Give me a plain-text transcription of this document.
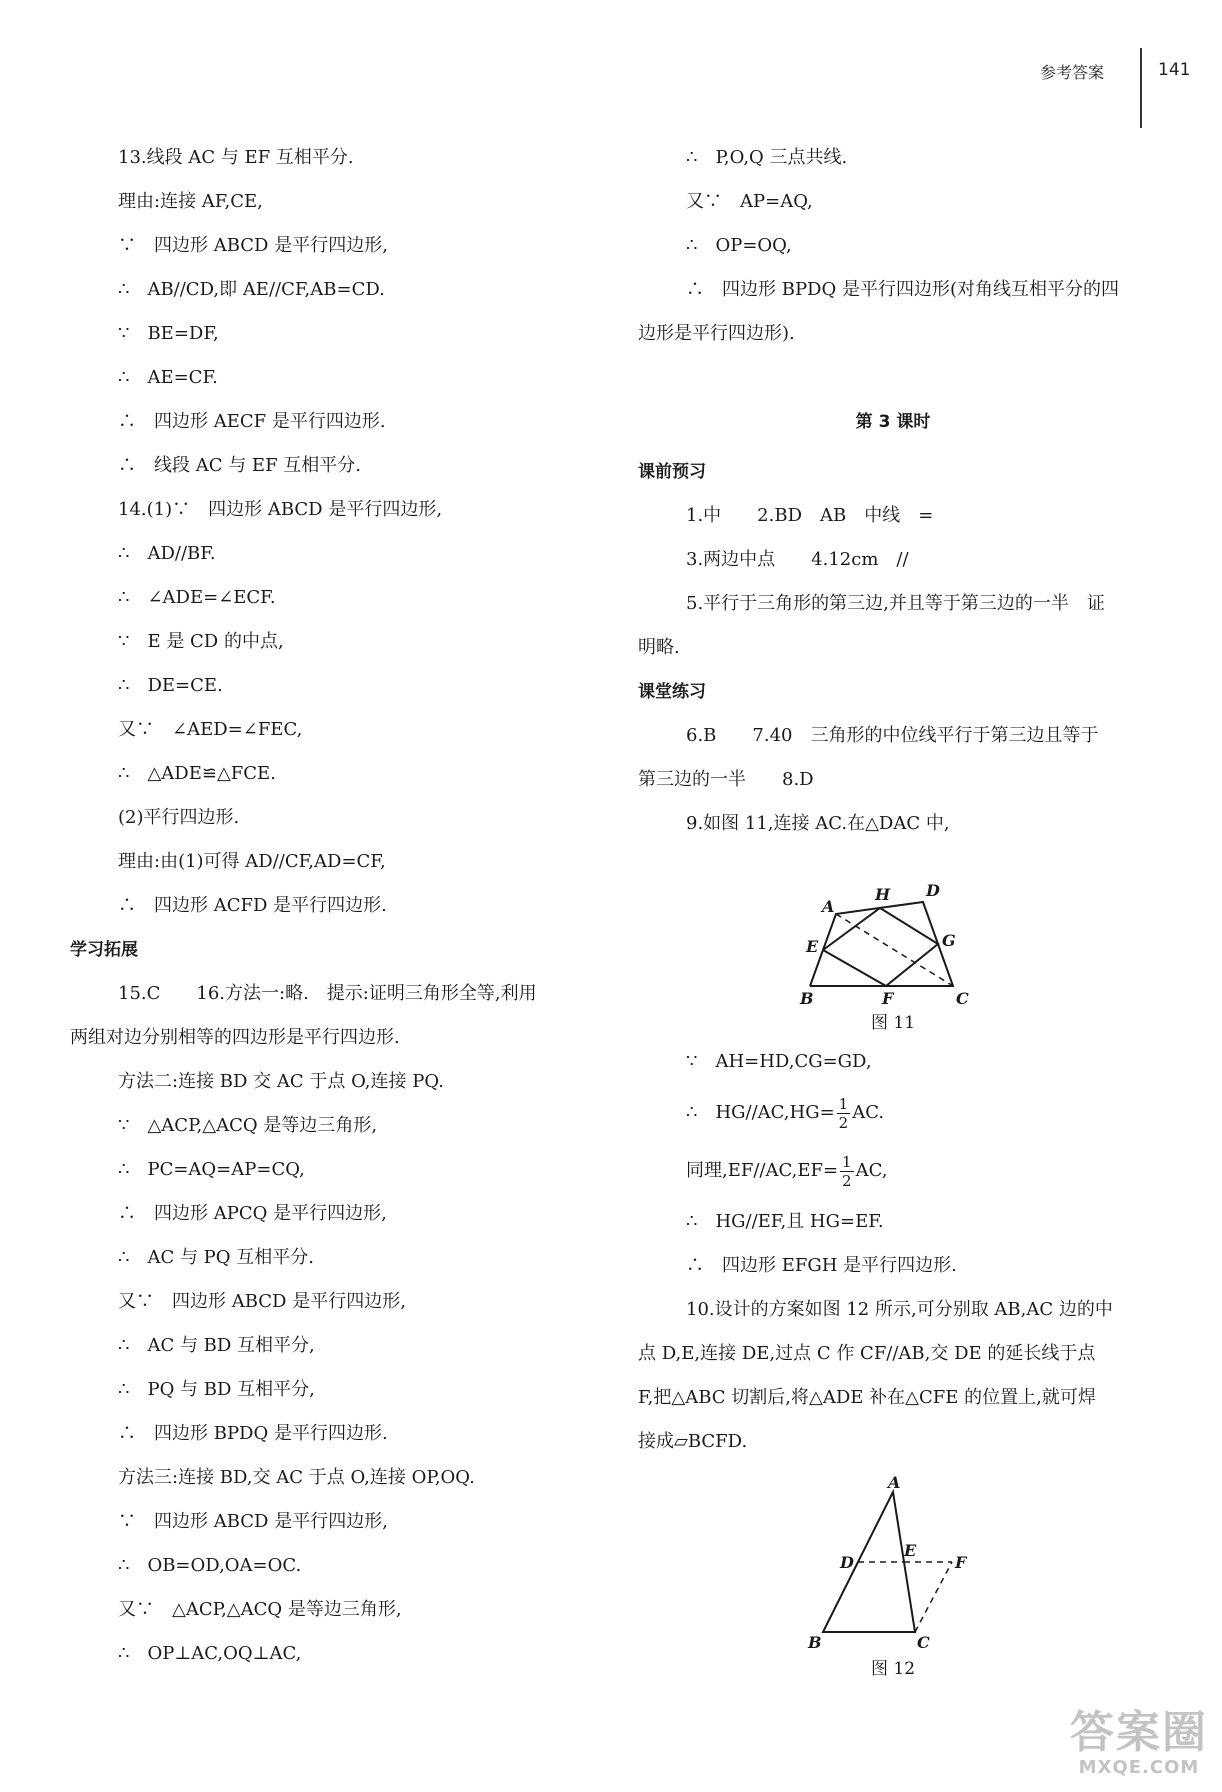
参考答案	141
13.线段 AC 与 EF 互相平分.
理由:连接 AF,CE,
∵　四边形 ABCD 是平行四边形,
∴　AB//CD,即 AE//CF,AB=CD.
∵　BE=DF,
∴　AE=CF.
∴　四边形 AECF 是平行四边形.
∴　线段 AC 与 EF 互相平分.
14.(1)∵　四边形 ABCD 是平行四边形,
∴　AD//BF.
∴　∠ADE=∠ECF.
∵　E 是 CD 的中点,
∴　DE=CE.
又∵　∠AED=∠FEC,
∴　△ADE≌△FCE.
(2)平行四边形.
理由:由(1)可得 AD//CF,AD=CF,
∴　四边形 ACFD 是平行四边形.
学习拓展
15.C　　16.方法一:略.　提示:证明三角形全等,利用
两组对边分别相等的四边形是平行四边形.
方法二:连接 BD 交 AC 于点 O,连接 PQ.
∵　△ACP,△ACQ 是等边三角形,
∴　PC=AQ=AP=CQ,
∴　四边形 APCQ 是平行四边形,
∴　AC 与 PQ 互相平分.
又∵　四边形 ABCD 是平行四边形,
∴　AC 与 BD 互相平分,
∴　PQ 与 BD 互相平分,
∴　四边形 BPDQ 是平行四边形.
方法三:连接 BD,交 AC 于点 O,连接 OP,OQ.
∵　四边形 ABCD 是平行四边形,
∴　OB=OD,OA=OC.
又∵　△ACP,△ACQ 是等边三角形,
∴　OP⊥AC,OQ⊥AC,
∴　P,O,Q 三点共线.
又∵　AP=AQ,
∴　OP=OQ,
∴　四边形 BPDQ 是平行四边形(对角线互相平分的四
边形是平行四边形).
第 3 课时
课前预习
1.中　　2.BD　AB　中线　=
3.两边中点　　4.12cm　//
5.平行于三角形的第三边,并且等于第三边的一半　证
明略.
课堂练习
6.B　　7.40　三角形的中位线平行于第三边且等于
第三边的一半　　8.D
9.如图 11,连接 AC.在△DAC 中,
A
H D
E	G
B	F	C
图 11
∵　AH=HD,CG=GD,
∴　$HG//AC,HG= \frac{1}{2}$ AC.
同理$,EF//AC,EF= \frac{1}{2}$ AC,
∴　HG//EF,且 HG=EF.
∴　四边形 EFGH 是平行四边形.
10.设计的方案如图 12 所示,可分别取 AB,AC 边的中
点 D,E,连接 DE,过点 C 作 CF//AB,交 DE 的延长线于点
F,把△ABC 切割后,将△ADE 补在△CFE 的位置上,就可焊
接成▱BCFD.
A
D
E
F
B	C
图 12
答案圈
MXQE.COM
